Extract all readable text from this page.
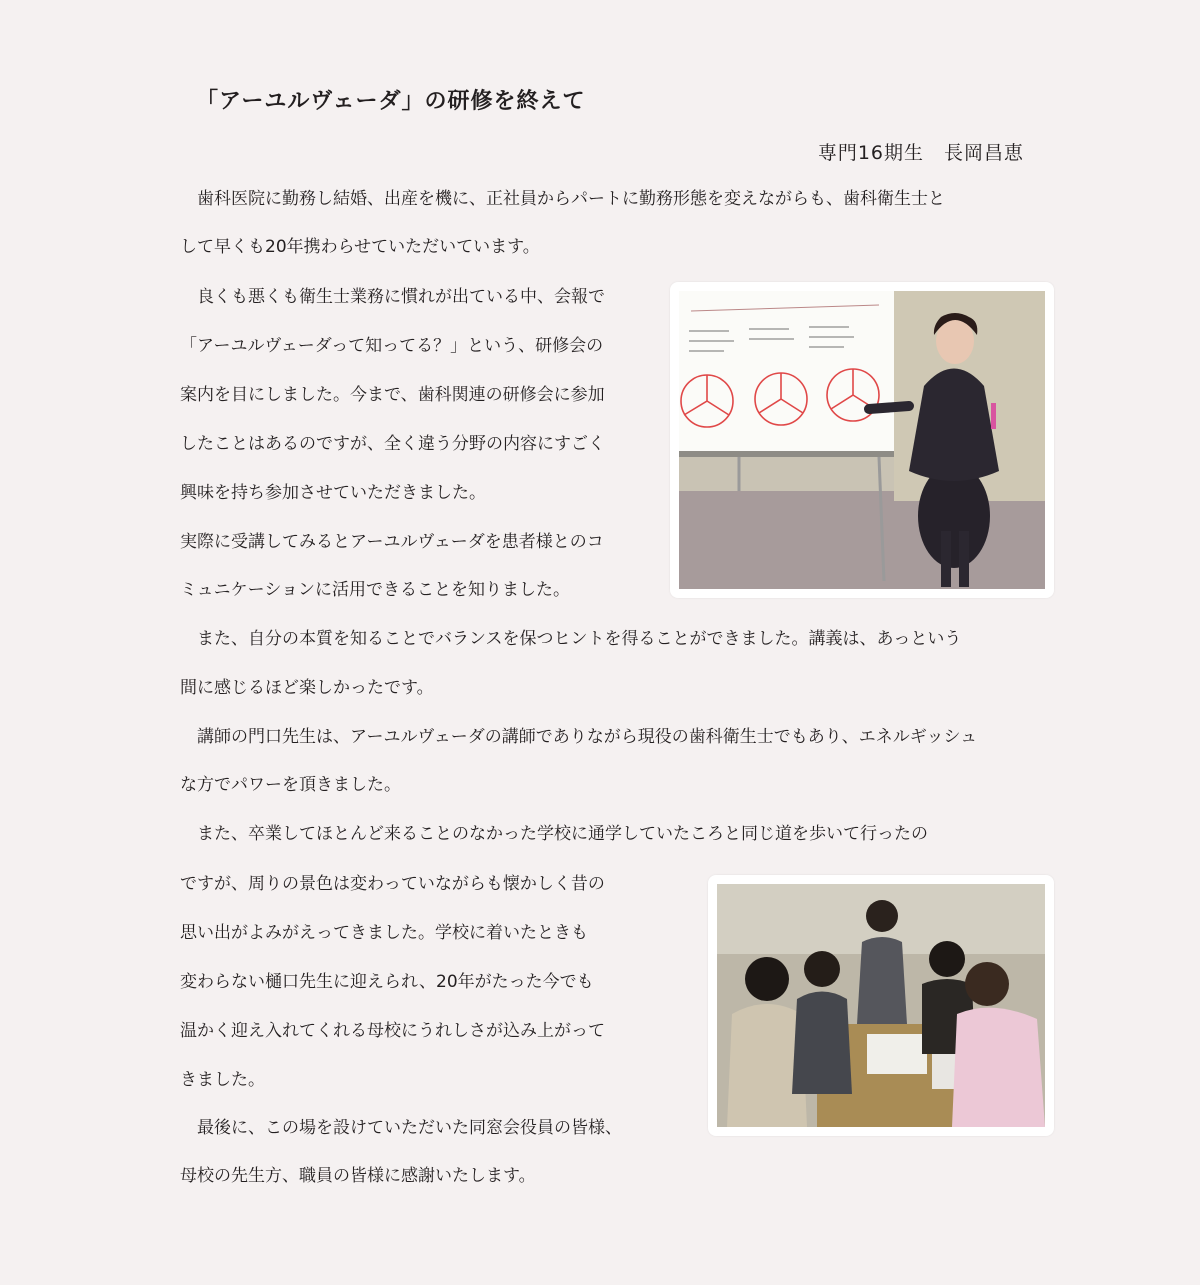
「アーユルヴェーダ」の研修を終えて
専門16期生　長岡昌恵
　歯科医院に勤務し結婚、出産を機に、正社員からパートに勤務形態を変えながらも、歯科衛生士と
して早くも20年携わらせていただいています。
　良くも悪くも衛生士業務に慣れが出ている中、会報で
「アーユルヴェーダって知ってる？」という、研修会の
案内を目にしました。今まで、歯科関連の研修会に参加
したことはあるのですが、全く違う分野の内容にすごく
興味を持ち参加させていただきました。
実際に受講してみるとアーユルヴェーダを患者様とのコ
ミュニケーションに活用できることを知りました。
　また、自分の本質を知ることでバランスを保つヒントを得ることができました。講義は、あっという
間に感じるほど楽しかったです。
　講師の門口先生は、アーユルヴェーダの講師でありながら現役の歯科衛生士でもあり、エネルギッシュ
な方でパワーを頂きました。
　また、卒業してほとんど来ることのなかった学校に通学していたころと同じ道を歩いて行ったの
ですが、周りの景色は変わっていながらも懐かしく昔の
思い出がよみがえってきました。学校に着いたときも
変わらない樋口先生に迎えられ、20年がたった今でも
温かく迎え入れてくれる母校にうれしさが込み上がって
きました。
　最後に、この場を設けていただいた同窓会役員の皆様、
母校の先生方、職員の皆様に感謝いたします。
